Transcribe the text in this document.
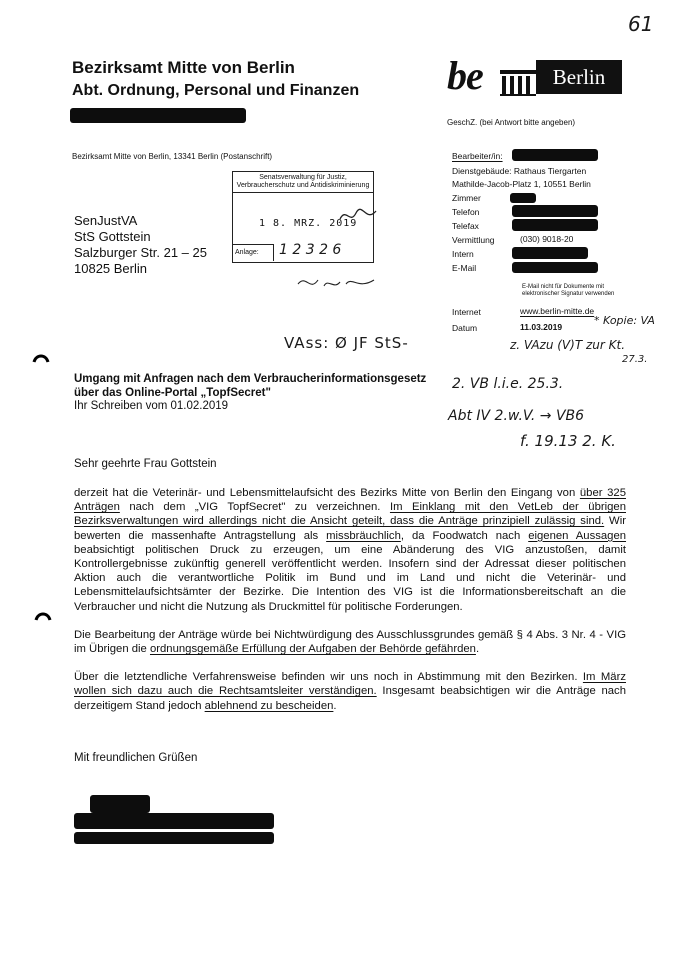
61
Bezirksamt Mitte von Berlin
Abt. Ordnung, Personal und Finanzen
Bezirksamt Mitte von Berlin, 13341 Berlin (Postanschrift)
be	Berlin
GeschZ. (bei Antwort bitte angeben)
Bearbeiter/in:
Dienstgebäude: Rathaus Tiergarten
Mathilde-Jacob-Platz 1, 10551 Berlin
Zimmer
Telefon
Telefax
Vermittlung	(030) 9018-20
Intern
E-Mail
E-Mail nicht für Dokumente mit elektronischer Signatur verwenden
Internet	www.berlin-mitte.de
Datum	11.03.2019
SenJustVA
StS Gottstein
Salzburger Str. 21 – 25
10825 Berlin
Senatsverwaltung für Justiz, Verbraucherschutz und Antidiskriminierung
1 8. MRZ. 2019
Anlage:	1 2 3 2 6
VAss: Ø JF StS-
* Kopie: VA
z. VAzu (V)T zur Kt.
27.3.
2. VB l.i.e. 25.3.
Abt IV 2.w.V. → VB6
f. 19.13 2. K.
Umgang mit Anfragen nach dem Verbraucherinformationsgesetz
über das Online-Portal „TopfSecret"
Ihr Schreiben vom 01.02.2019
Sehr geehrte Frau Gottstein

derzeit hat die Veterinär- und Lebensmittelaufsicht des Bezirks Mitte von Berlin den Eingang von über 325 Anträgen nach dem „VIG TopfSecret" zu verzeichnen. Im Einklang mit den VetLeb der übrigen Bezirksverwaltungen wird allerdings nicht die Ansicht geteilt, dass die Anträge prinzipiell zulässig sind. Wir bewerten die massenhafte Antragstellung als missbräuchlich, da Foodwatch nach eigenen Aussagen beabsichtigt politischen Druck zu erzeugen, um eine Abänderung des VIG anzustoßen, damit Kontrollergebnisse zukünftig generell veröffentlicht werden. Insofern sind der Adressat dieser politischen Aktion auch die verantwortliche Politik im Bund und im Land und nicht die Veterinär- und Lebensmittelaufsichtsämter der Bezirke. Die Intention des VIG ist die Informationsbereitschaft an die Verbraucher und nicht die Nutzung als Druckmittel für politische Forderungen.

Die Bearbeitung der Anträge würde bei Nichtwürdigung des Ausschlussgrundes gemäß § 4 Abs. 3 Nr. 4 - VIG im Übrigen die ordnungsgemäße Erfüllung der Aufgaben der Behörde gefährden.

Über die letztendliche Verfahrensweise befinden wir uns noch in Abstimmung mit den Bezirken. Im März wollen sich dazu auch die Rechtsamtsleiter verständigen. Insgesamt beabsichtigen wir die Anträge nach derzeitigem Stand jedoch ablehnend zu bescheiden.

Mit freundlichen Grüßen
